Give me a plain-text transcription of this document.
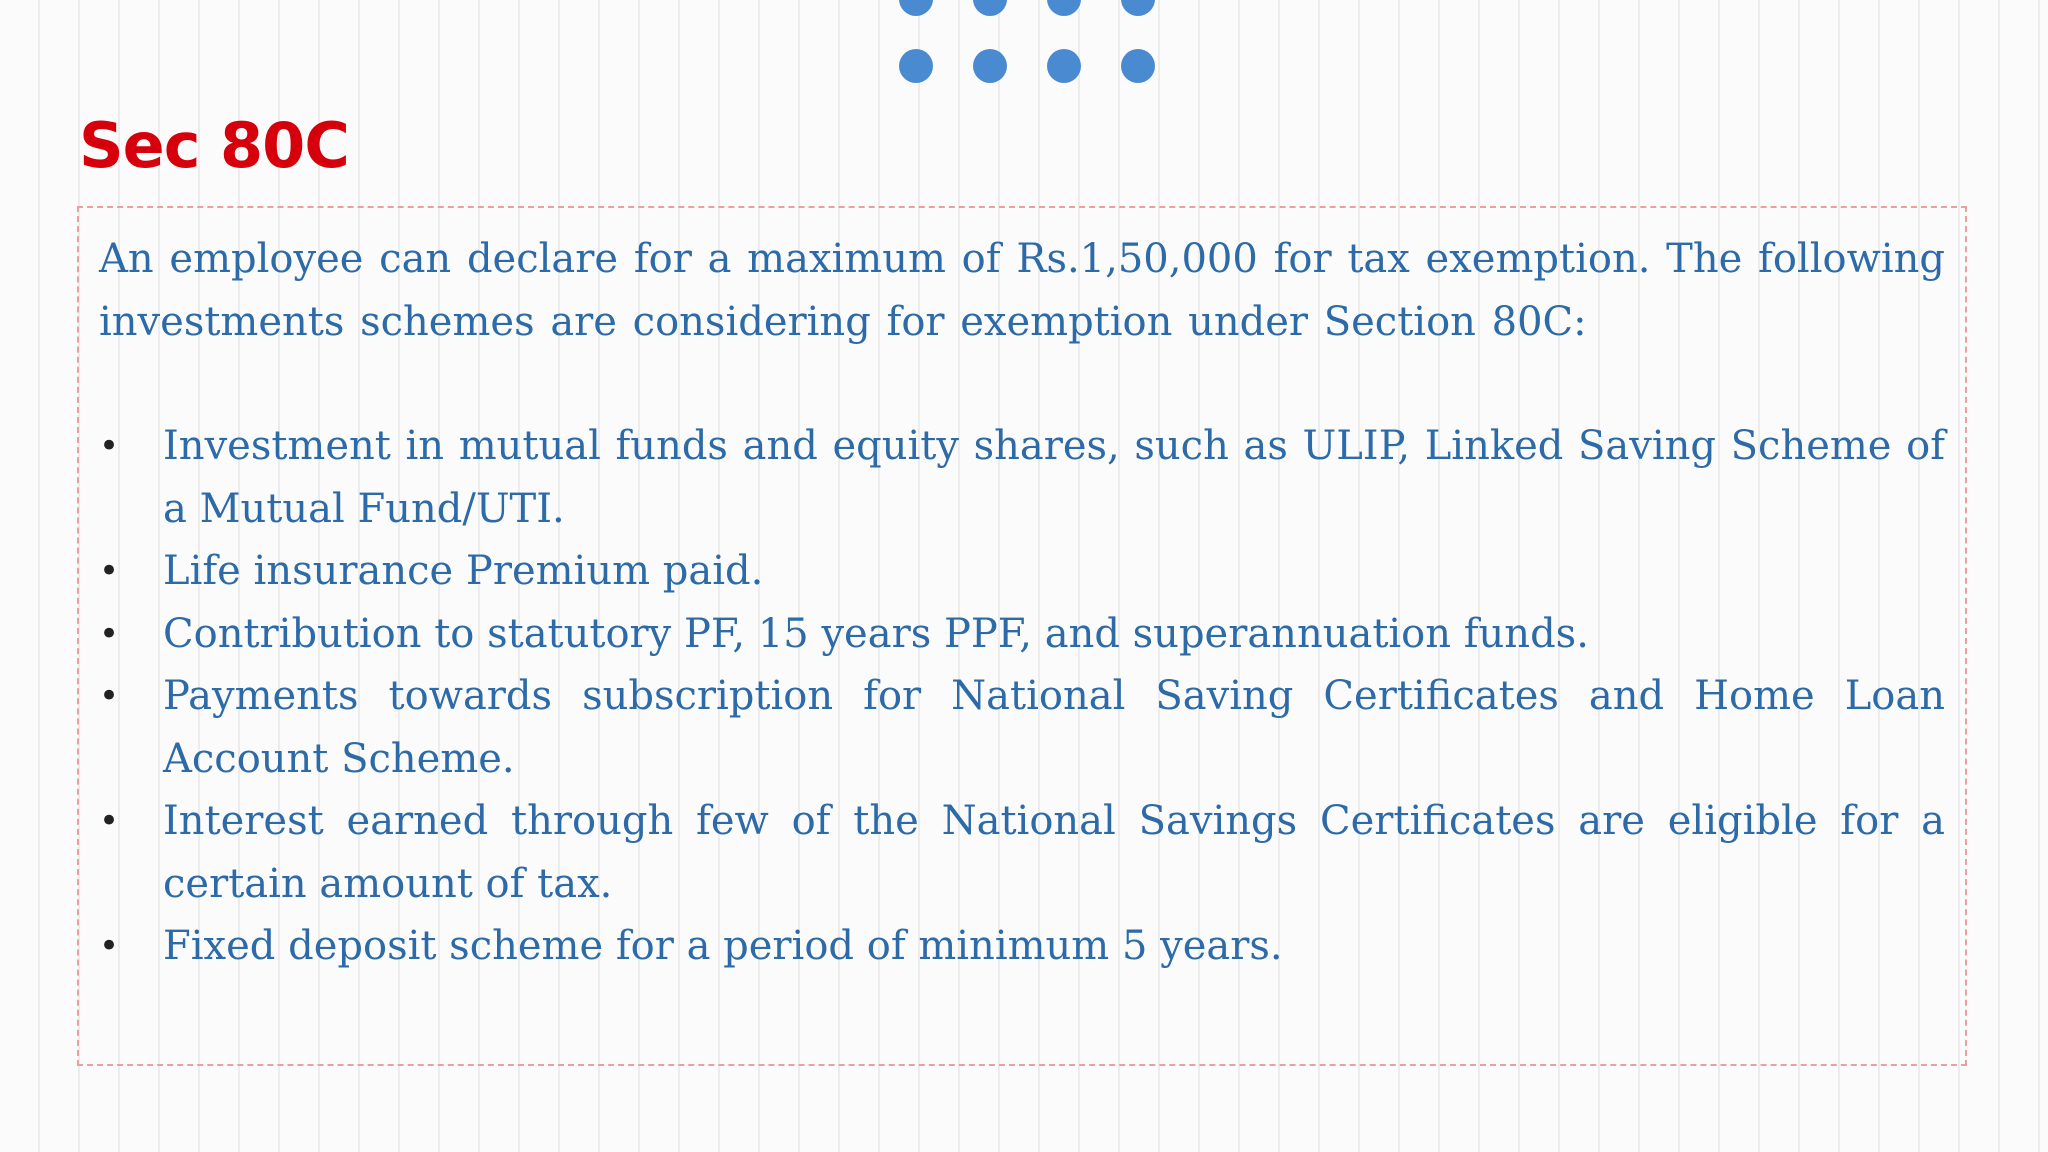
Sec 80C

An employee can declare for a maximum of Rs.1,50,000 for tax exemption. The following investments schemes are considering for exemption under Section 80C:

• Investment in mutual funds and equity shares, such as ULIP, Linked Saving Scheme of a Mutual Fund/UTI.
• Life insurance Premium paid.
• Contribution to statutory PF, 15 years PPF, and superannuation funds.
• Payments towards subscription for National Saving Certificates and Home Loan Account Scheme.
• Interest earned through few of the National Savings Certificates are eligible for a certain amount of tax.
• Fixed deposit scheme for a period of minimum 5 years.
